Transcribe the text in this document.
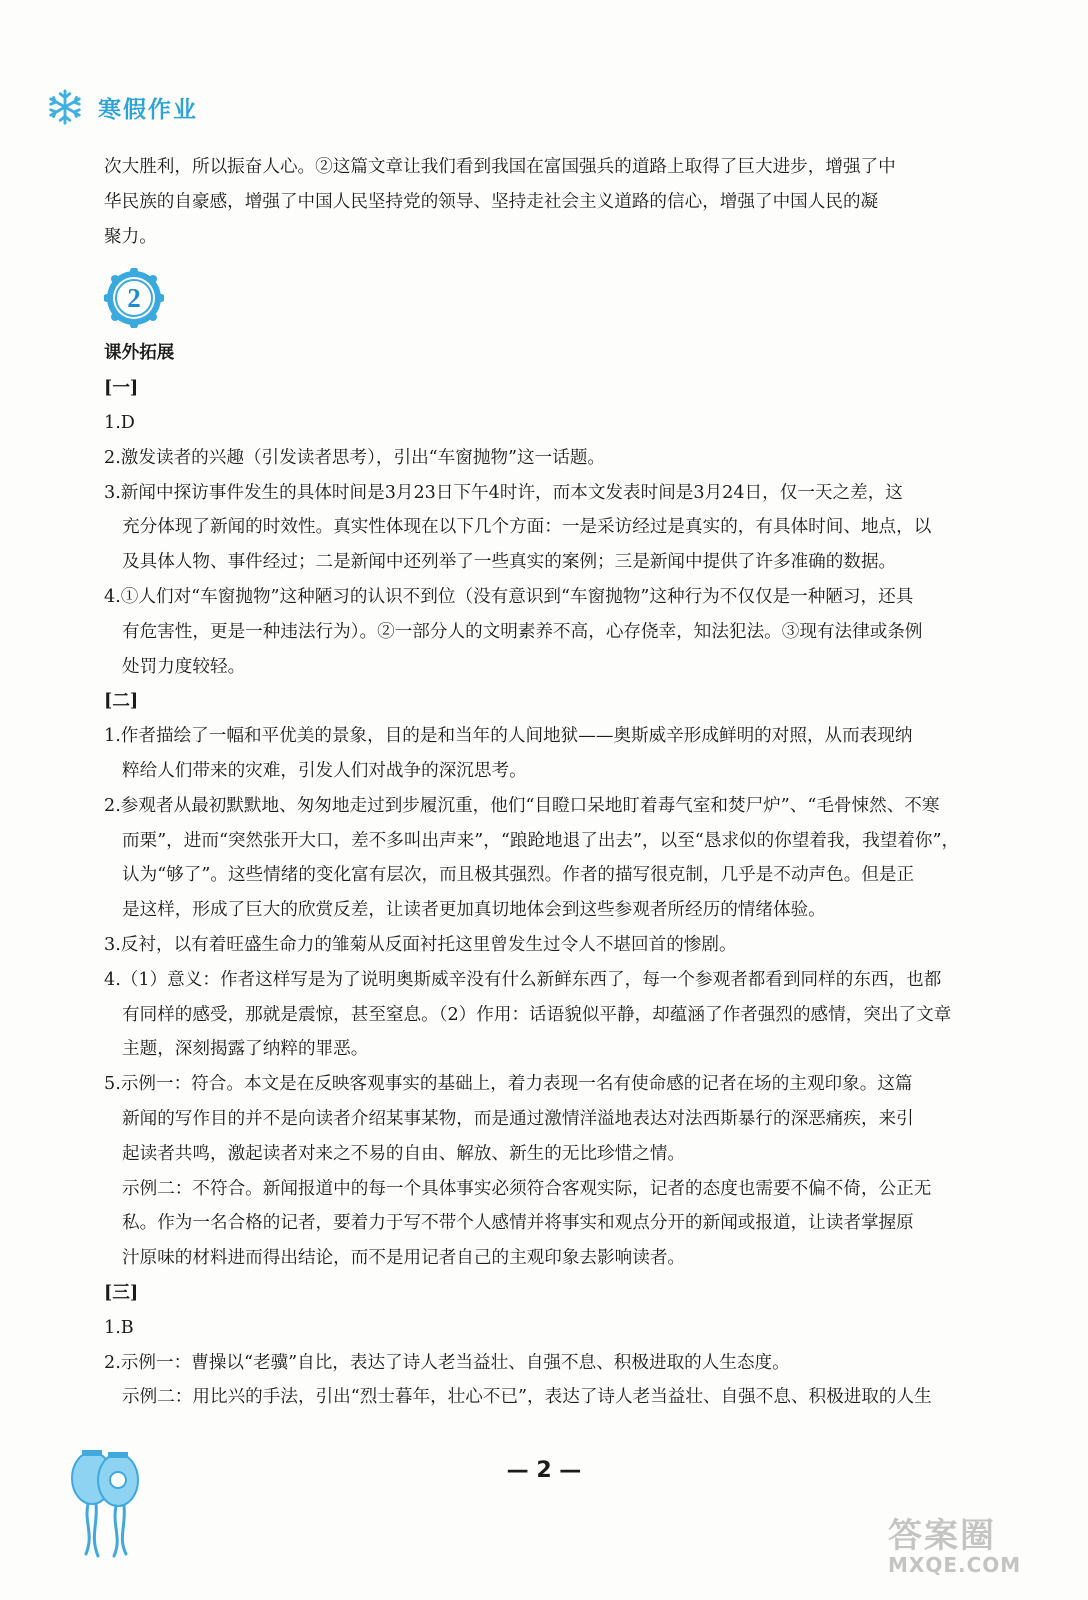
寒假作业

次大胜利，所以振奋人心。②这篇文章让我们看到我国在富国强兵的道路上取得了巨大进步，增强了中

华民族的自豪感，增强了中国人民坚持党的领导、坚持走社会主义道路的信心，增强了中国人民的凝

聚力。

2

课外拓展

[一]

1.D

2.激发读者的兴趣（引发读者思考），引出“车窗抛物”这一话题。

3.新闻中探访事件发生的具体时间是3月23日下午4时许，而本文发表时间是3月24日，仅一天之差，这

充分体现了新闻的时效性。真实性体现在以下几个方面：一是采访经过是真实的，有具体时间、地点，以

及具体人物、事件经过；二是新闻中还列举了一些真实的案例；三是新闻中提供了许多准确的数据。

4.①人们对“车窗抛物”这种陋习的认识不到位（没有意识到“车窗抛物”这种行为不仅仅是一种陋习，还具

有危害性，更是一种违法行为）。②一部分人的文明素养不高，心存侥幸，知法犯法。③现有法律或条例

处罚力度较轻。

[二]

1.作者描绘了一幅和平优美的景象，目的是和当年的人间地狱——奥斯威辛形成鲜明的对照，从而表现纳

粹给人们带来的灾难，引发人们对战争的深沉思考。

2.参观者从最初默默地、匆匆地走过到步履沉重，他们“目瞪口呆地盯着毒气室和焚尸炉”、“毛骨悚然、不寒

而栗”，进而“突然张开大口，差不多叫出声来”，“踉跄地退了出去”，以至“恳求似的你望着我，我望着你”，

认为“够了”。这些情绪的变化富有层次，而且极其强烈。作者的描写很克制，几乎是不动声色。但是正

是这样，形成了巨大的欣赏反差，让读者更加真切地体会到这些参观者所经历的情绪体验。

3.反衬，以有着旺盛生命力的雏菊从反面衬托这里曾发生过令人不堪回首的惨剧。

4.（1）意义：作者这样写是为了说明奥斯威辛没有什么新鲜东西了，每一个参观者都看到同样的东西，也都

有同样的感受，那就是震惊，甚至窒息。（2）作用：话语貌似平静，却蕴涵了作者强烈的感情，突出了文章

主题，深刻揭露了纳粹的罪恶。

5.示例一：符合。本文是在反映客观事实的基础上，着力表现一名有使命感的记者在场的主观印象。这篇

新闻的写作目的并不是向读者介绍某事某物，而是通过激情洋溢地表达对法西斯暴行的深恶痛疾，来引

起读者共鸣，激起读者对来之不易的自由、解放、新生的无比珍惜之情。

示例二：不符合。新闻报道中的每一个具体事实必须符合客观实际，记者的态度也需要不偏不倚，公正无

私。作为一名合格的记者，要着力于写不带个人感情并将事实和观点分开的新闻或报道，让读者掌握原

汁原味的材料进而得出结论，而不是用记者自己的主观印象去影响读者。

[三]

1.B

2.示例一：曹操以“老骥”自比，表达了诗人老当益壮、自强不息、积极进取的人生态度。

示例二：用比兴的手法，引出“烈士暮年，壮心不已”，表达了诗人老当益壮、自强不息、积极进取的人生

— 2 —
答案圈
MXQE.COM
